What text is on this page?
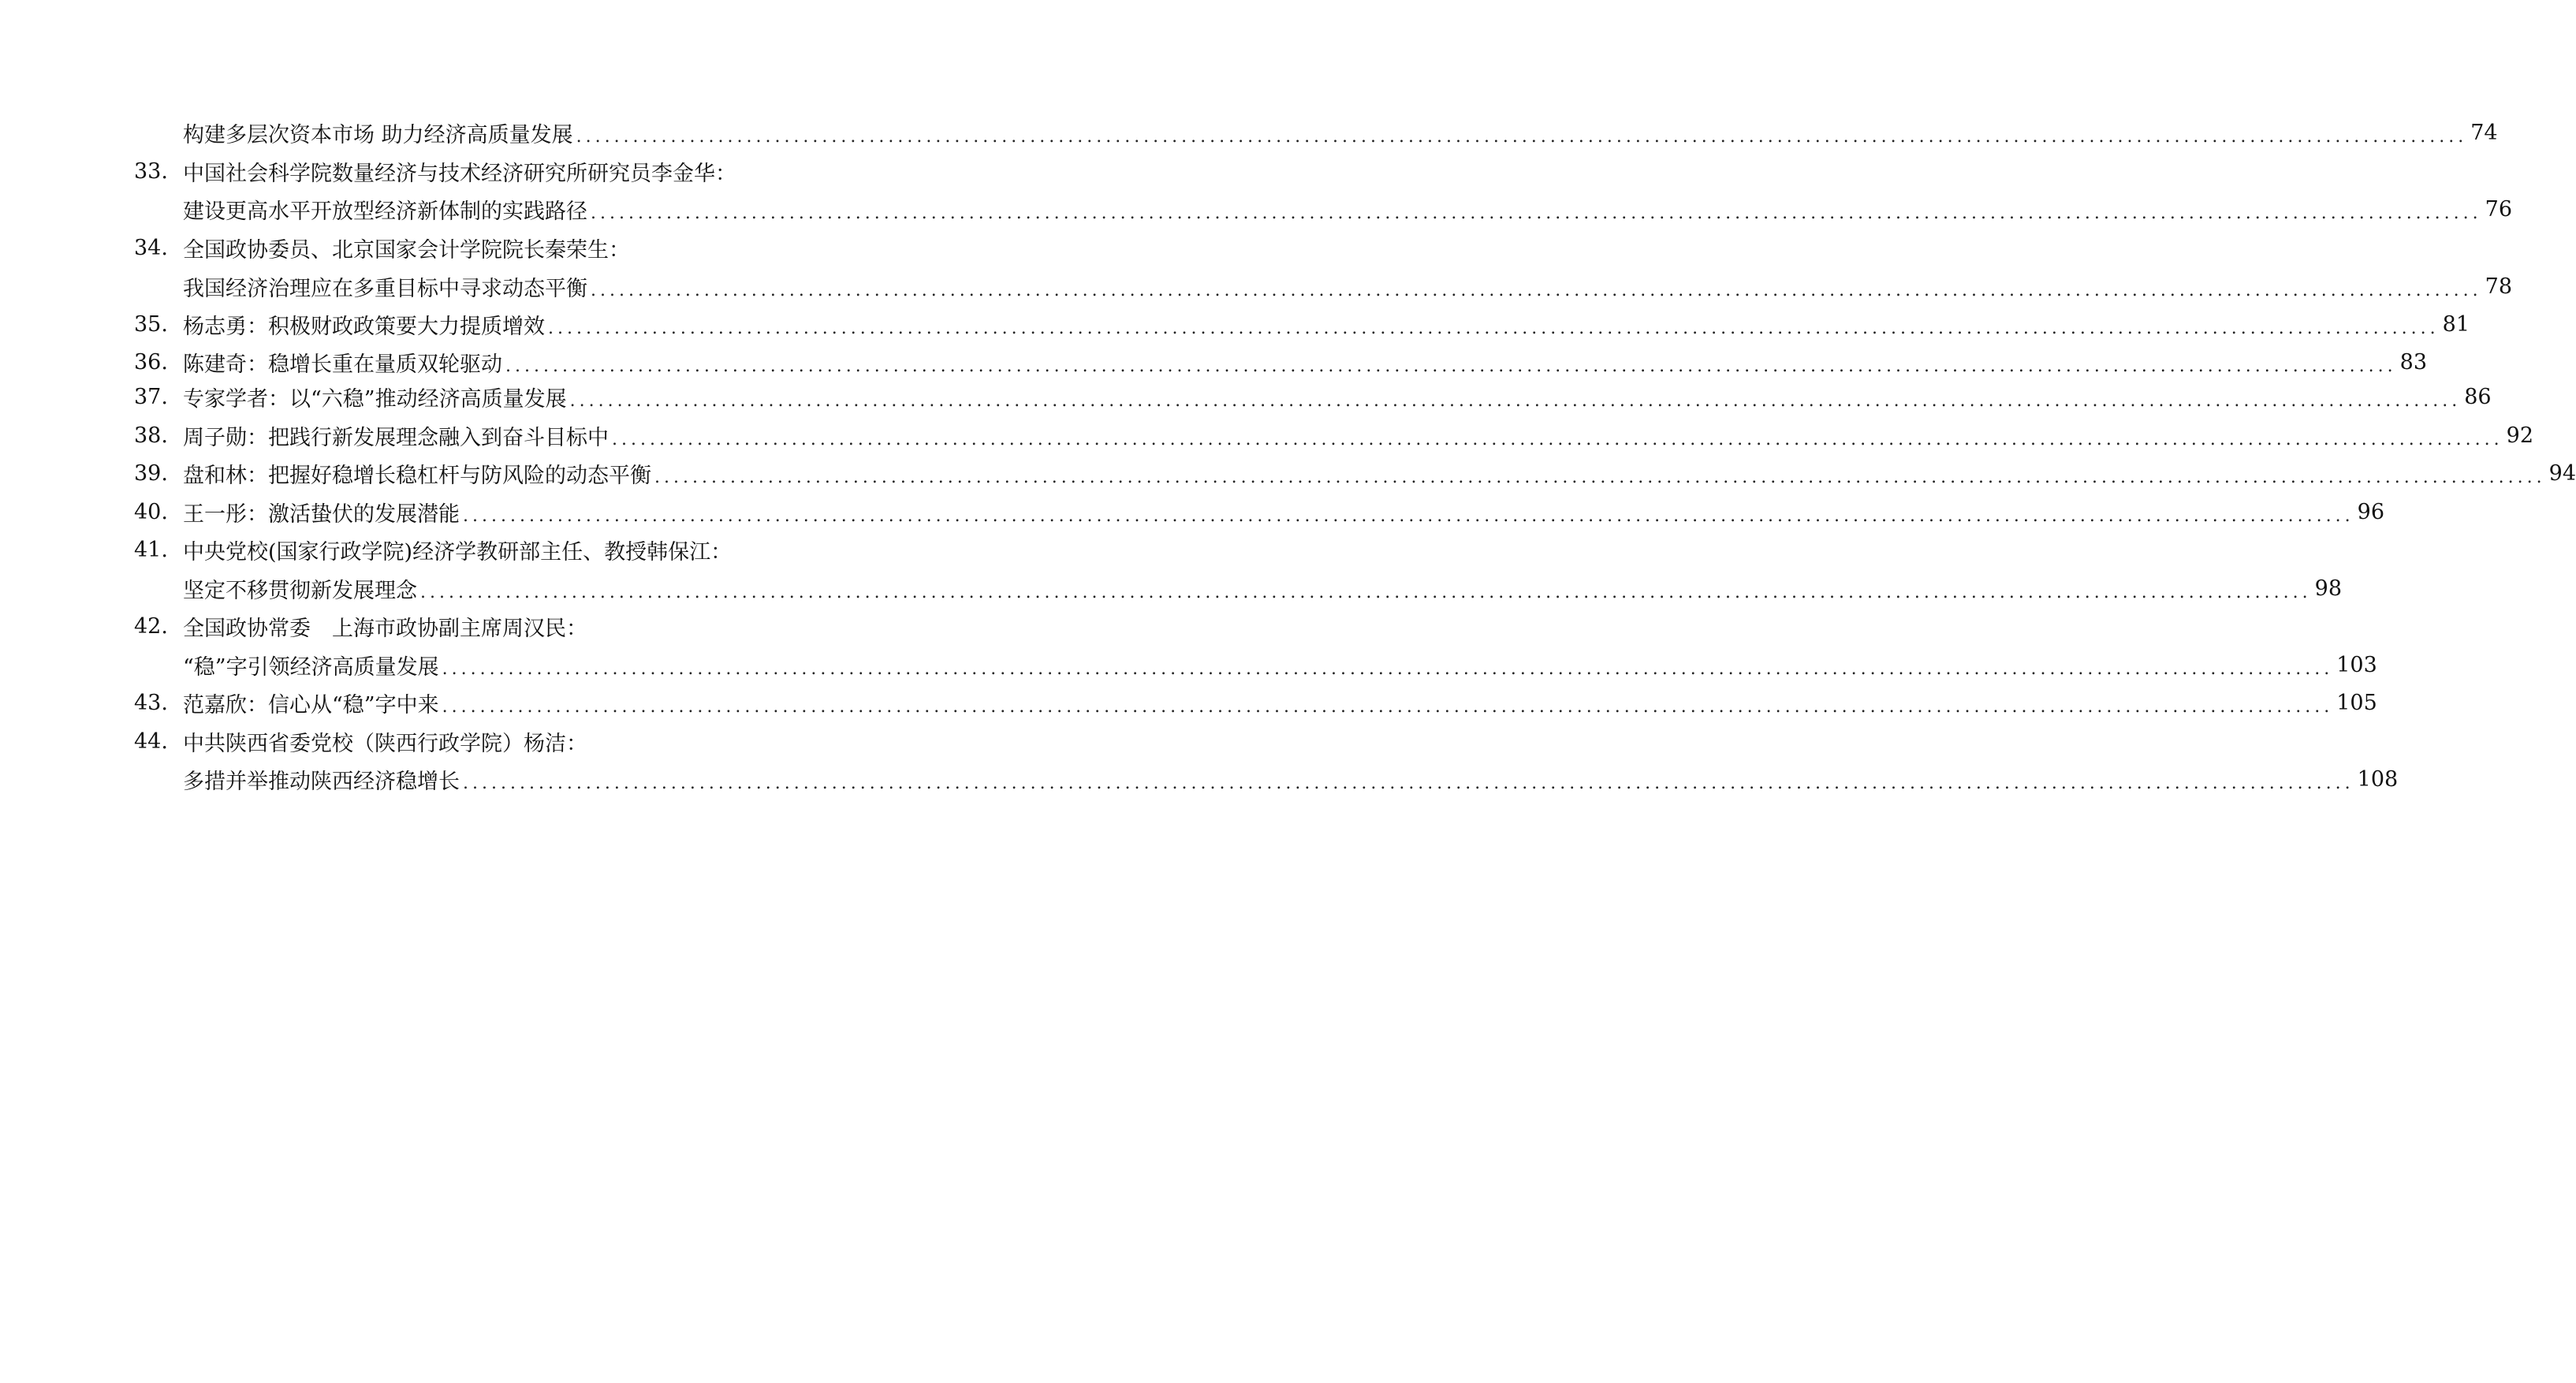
构建多层次资本市场 助力经济高质量发展 ........................................................................................................................................................................................................ 74
33. 中国社会科学院数量经济与技术经济研究所研究员李金华：
建设更高水平开放型经济新体制的实践路径 ........................................................................................................................................................................................................ 76
34. 全国政协委员、北京国家会计学院院长秦荣生：
我国经济治理应在多重目标中寻求动态平衡 ........................................................................................................................................................................................................ 78
35. 杨志勇：积极财政政策要大力提质增效 ........................................................................................................................................................................................................ 81
36. 陈建奇：稳增长重在量质双轮驱动 ........................................................................................................................................................................................................ 83
37. 专家学者：以“六稳”推动经济高质量发展 ........................................................................................................................................................................................................ 86
38. 周子勋：把践行新发展理念融入到奋斗目标中 ........................................................................................................................................................................................................ 92
39. 盘和林：把握好稳增长稳杠杆与防风险的动态平衡 ........................................................................................................................................................................................................ 94
40. 王一彤：激活蛰伏的发展潜能 ........................................................................................................................................................................................................ 96
41. 中央党校(国家行政学院)经济学教研部主任、教授韩保江：
坚定不移贯彻新发展理念 ........................................................................................................................................................................................................ 98
42. 全国政协常委　上海市政协副主席周汉民：
“稳”字引领经济高质量发展 ........................................................................................................................................................................................................ 103
43. 范嘉欣：信心从“稳”字中来 ........................................................................................................................................................................................................ 105
44. 中共陕西省委党校（陕西行政学院）杨洁：
多措并举推动陕西经济稳增长 ........................................................................................................................................................................................................ 108
